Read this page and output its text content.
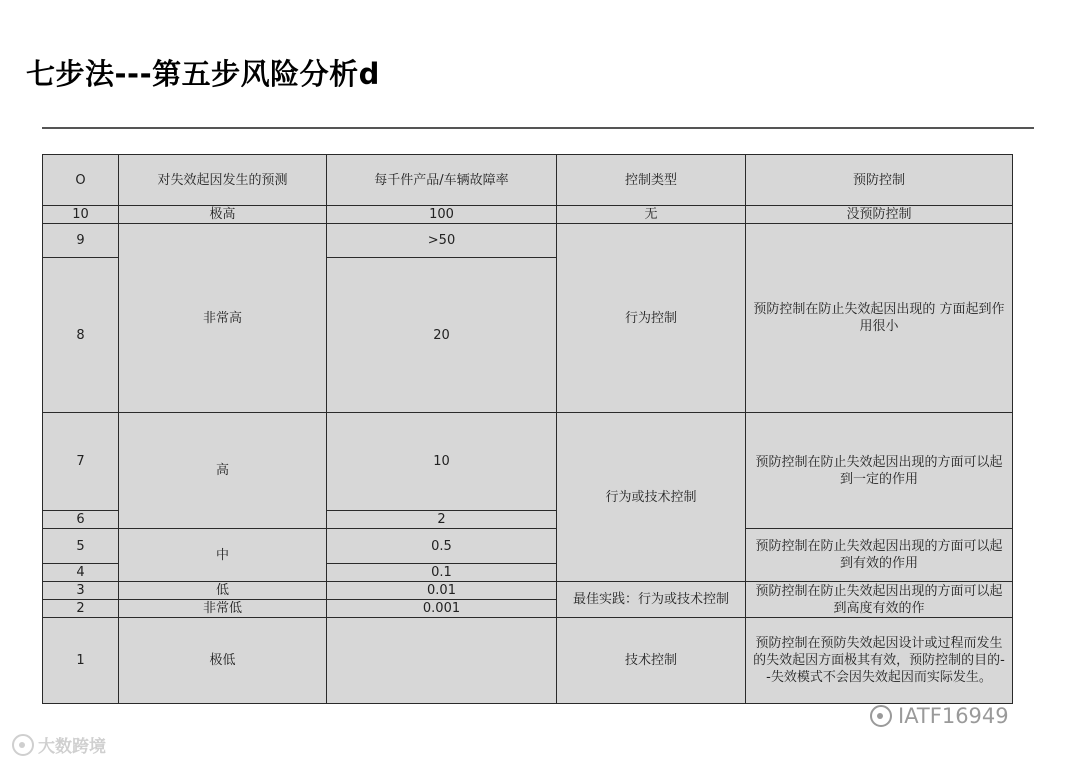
七步法---第五步风险分析d
O	对失效起因发生的预测	每千件产品/车辆故障率	控制类型	预防控制
10	极高	100	无	没预防控制
9	非常高	>50	行为控制	预防控制在防止失效起因出现的 方面起到作用很小
8		20		
7	高	10	行为或技术控制	预防控制在防止失效起因出现的方面可以起到一定的作用
6		2		
5	中	0.5		预防控制在防止失效起因出现的方面可以起到有效的作用
4		0.1		
3	低	0.01	最佳实践：行为或技术控制	预防控制在防止失效起因出现的方面可以起到高度有效的作
2	非常低	0.001		
1	极低		技术控制	预防控制在预防失效起因设计或过程而发生的失效起因方面极其有效，预防控制的目的--失效模式不会因失效起因而实际发生。
大数跨境
IATF16949
